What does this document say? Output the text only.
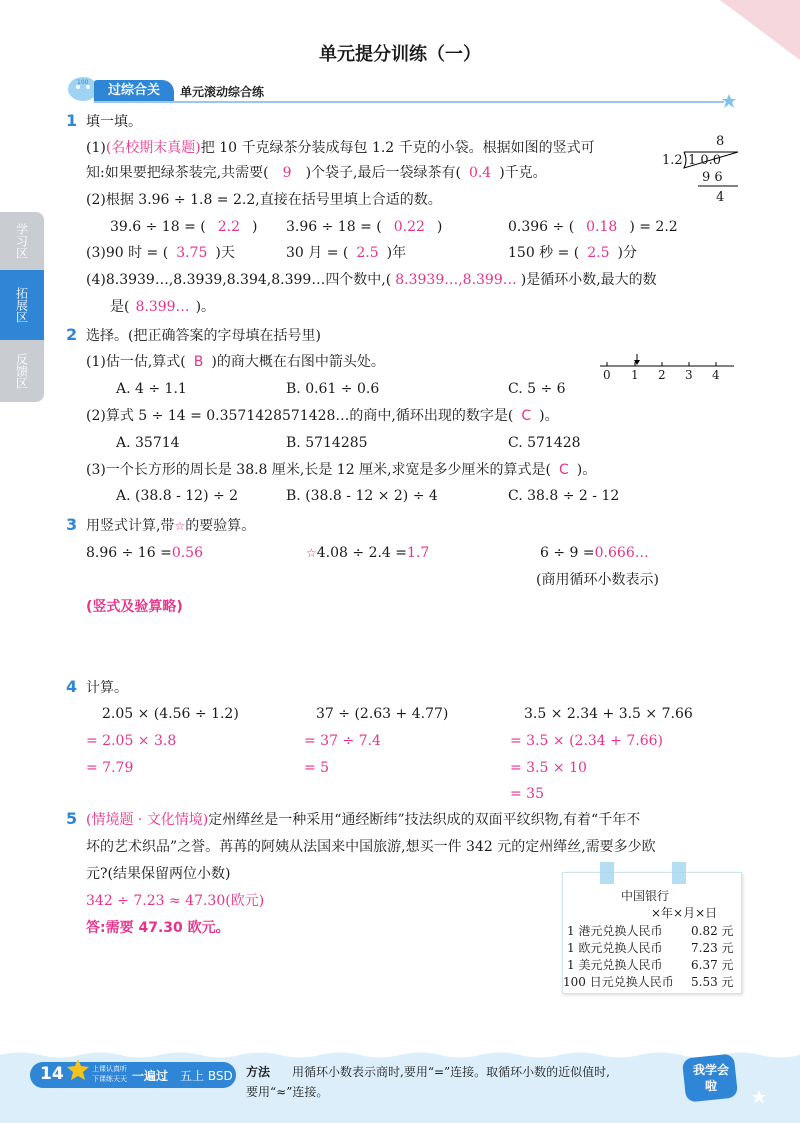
教师用书
单元提分训练（一）
100
过综合关	单元滚动综合练
学习区
拓展区
反馈区
1 填一填。
(1)(名校期末真题)把 10 千克绿茶分装成每包 1.2 千克的小袋。根据如图的竖式可
知:如果要把绿茶装完,共需要( 9 )个袋子,最后一袋绿茶有( 0.4 )千克。
8
1.2 1 0.0
9 6
4
(2)根据 3.96 ÷ 1.8 = 2.2,直接在括号里填上合适的数。
39.6 ÷ 18 = ( 2.2 ) 3.96 ÷ 18 = ( 0.22 )	0.396 ÷ ( 0.18 ) = 2.2
(3)90 时 = ( 3.75 )天	30 月 = ( 2.5 )年	150 秒 = ( 2.5 )分
(4)8.3939…,8.3939,8.394,8.399…四个数中,( 8.3939…,8.399… )是循环小数,最大的数
是( 8.399… )。
2 选择。(把正确答案的字母填在括号里)
(1)估一估,算式( B )的商大概在右图中箭头处。
A. 4 ÷ 1.1	B. 0.61 ÷ 0.6	C. 5 ÷ 6
0 1 2 3 4
(2)算式 5 ÷ 14 = 0.3571428571428…的商中,循环出现的数字是( C )。
A. 35714	B. 5714285	C. 571428
(3)一个长方形的周长是 38.8 厘米,长是 12 厘米,求宽是多少厘米的算式是( C )。
A. (38.8 - 12) ÷ 2	B. (38.8 - 12 × 2) ÷ 4	C. 38.8 ÷ 2 - 12
3 用竖式计算,带☆的要验算。
8.96 ÷ 16 =0.56	☆4.08 ÷ 2.4 =1.7	6 ÷ 9 =0.666…
(商用循环小数表示)
(竖式及验算略)
4 计算。
2.05 × (4.56 ÷ 1.2)
= 2.05 × 3.8
= 7.79
37 ÷ (2.63 + 4.77)
= 37 ÷ 7.4
= 5
3.5 × 2.34 + 3.5 × 7.66
= 3.5 × (2.34 + 7.66)
= 3.5 × 10
= 35
5 (情境题 · 文化情境)定州缂丝是一种采用“通经断纬”技法织成的双面平纹织物,有着“千年不
坏的艺术织品”之誉。苒苒的阿姨从法国来中国旅游,想买一件 342 元的定州缂丝,需要多少欧
元?(结果保留两位小数)
342 ÷ 7.23 ≈ 47.30(欧元)
答:需要 47.30 欧元。
中国银行
×年×月×日
1 港元兑换人民币 0.82 元
1 欧元兑换人民币 7.23 元
1 美元兑换人民币 6.37 元
100 日元兑换人民币 5.53 元
14	上课认真听
下课练天天 一遍过 五上 BSD 方法 用循环小数表示商时,要用“=”连接。取循环小数的近似值时,
要用“≈”连接。
我学会啦
